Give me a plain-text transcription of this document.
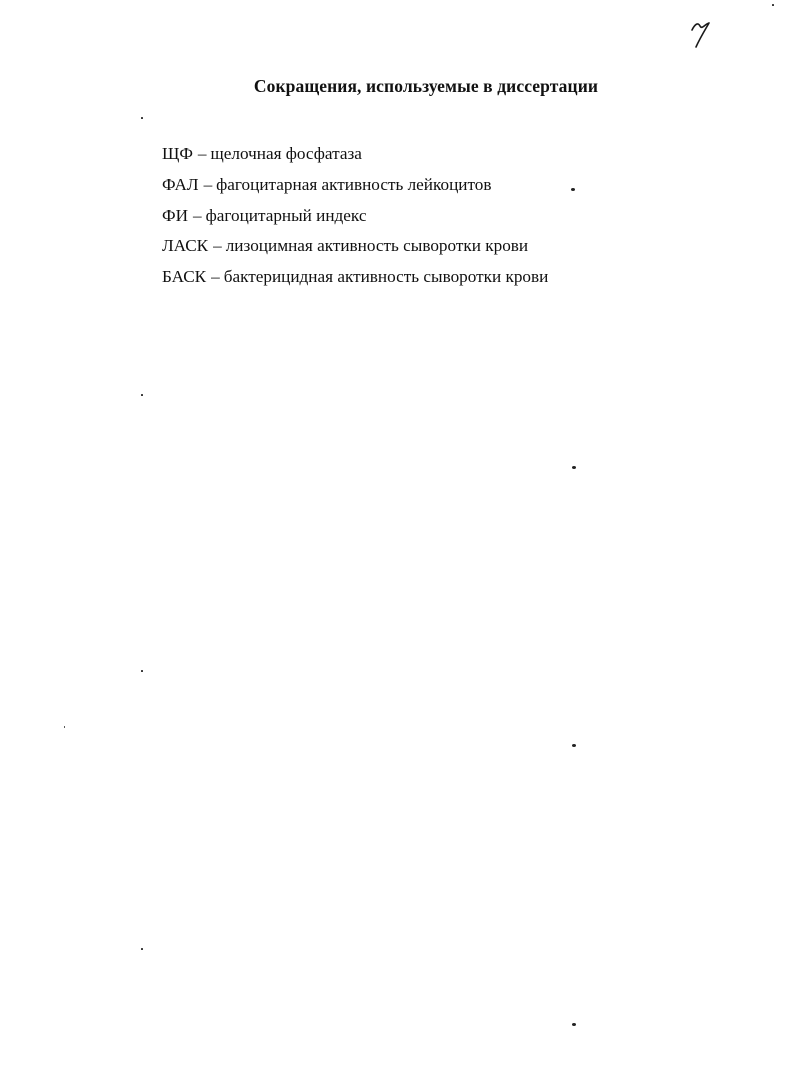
Сокращения, используемые в диссертации
ЩФ – щелочная фосфатаза
ФАЛ – фагоцитарная активность лейкоцитов
ФИ – фагоцитарный индекс
ЛАСК – лизоцимная активность сыворотки крови
БАСК – бактерицидная активность сыворотки крови
